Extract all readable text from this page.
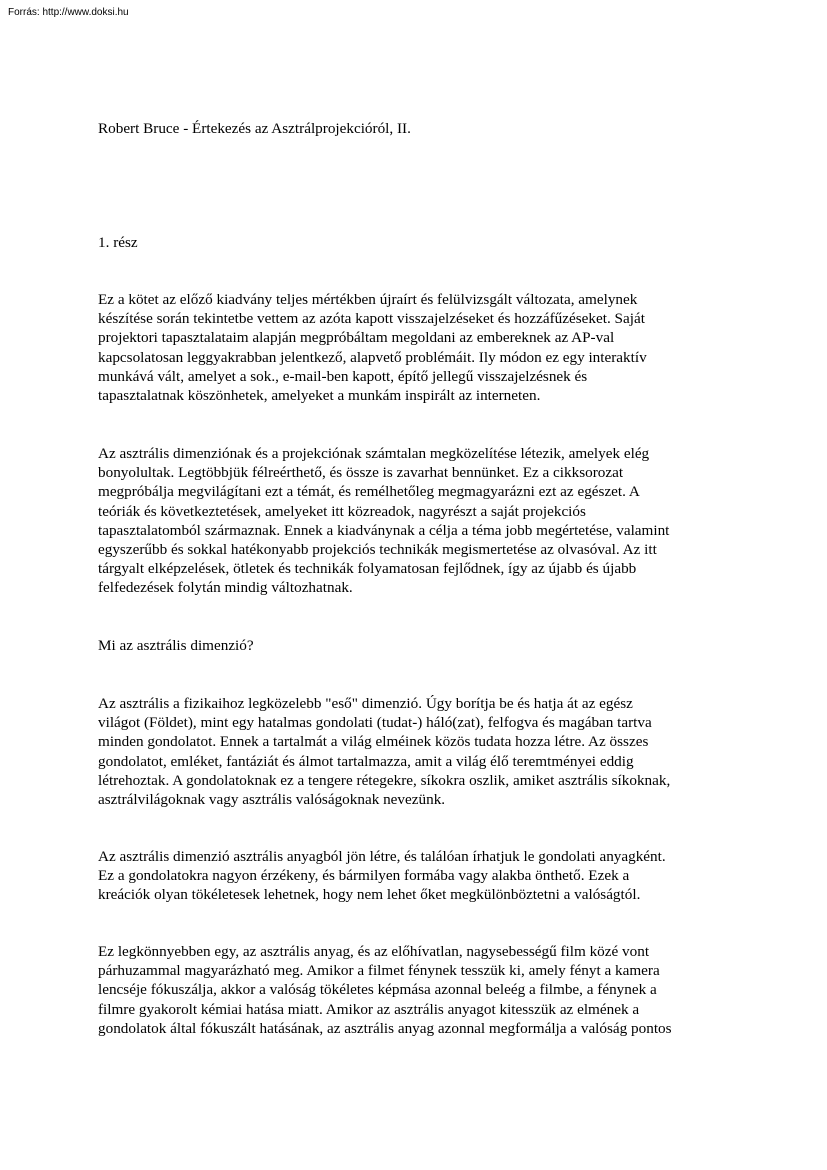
Forrás: http://www.doksi.hu
Robert Bruce - Értekezés az Asztrálprojekcióról, II.
1. rész
Ez a kötet az előző kiadvány teljes mértékben újraírt és felülvizsgált változata, amelynek
készítése során tekintetbe vettem az azóta kapott visszajelzéseket és hozzáfűzéseket. Saját
projektori tapasztalataim alapján megpróbáltam megoldani az embereknek az AP-val
kapcsolatosan leggyakrabban jelentkező, alapvető problémáit. Ily módon ez egy interaktív
munkává vált, amelyet a sok., e-mail-ben kapott, építő jellegű visszajelzésnek és
tapasztalatnak köszönhetek, amelyeket a munkám inspirált az interneten.
Az asztrális dimenziónak és a projekciónak számtalan megközelítése létezik, amelyek elég
bonyolultak. Legtöbbjük félreérthető, és össze is zavarhat bennünket. Ez a cikksorozat
megpróbálja megvilágítani ezt a témát, és remélhetőleg megmagyarázni ezt az egészet. A
teóriák és következtetések, amelyeket itt közreadok, nagyrészt a saját projekciós
tapasztalatomból származnak. Ennek a kiadványnak a célja a téma jobb megértetése, valamint
egyszerűbb és sokkal hatékonyabb projekciós technikák megismertetése az olvasóval. Az itt
tárgyalt elképzelések, ötletek és technikák folyamatosan fejlődnek, így az újabb és újabb
felfedezések folytán mindig változhatnak.
Mi az asztrális dimenzió?
Az asztrális a fizikaihoz legközelebb "eső" dimenzió. Úgy borítja be és hatja át az egész
világot (Földet), mint egy hatalmas gondolati (tudat-) háló(zat), felfogva és magában tartva
minden gondolatot. Ennek a tartalmát a világ elméinek közös tudata hozza létre. Az összes
gondolatot, emléket, fantáziát és álmot tartalmazza, amit a világ élő teremtményei eddig
létrehoztak. A gondolatoknak ez a tengere rétegekre, síkokra oszlik, amiket asztrális síkoknak,
asztrálvilágoknak vagy asztrális valóságoknak nevezünk.
Az asztrális dimenzió asztrális anyagból jön létre, és találóan írhatjuk le gondolati anyagként.
Ez a gondolatokra nagyon érzékeny, és bármilyen formába vagy alakba önthető. Ezek a
kreációk olyan tökéletesek lehetnek, hogy nem lehet őket megkülönböztetni a valóságtól.
Ez legkönnyebben egy, az asztrális anyag, és az előhívatlan, nagysebességű film közé vont
párhuzammal magyarázható meg. Amikor a filmet fénynek tesszük ki, amely fényt a kamera
lencséje fókuszálja, akkor a valóság tökéletes képmása azonnal beleég a filmbe, a fénynek a
filmre gyakorolt kémiai hatása miatt. Amikor az asztrális anyagot kitesszük az elmének a
gondolatok által fókuszált hatásának, az asztrális anyag azonnal megformálja a valóság pontos
